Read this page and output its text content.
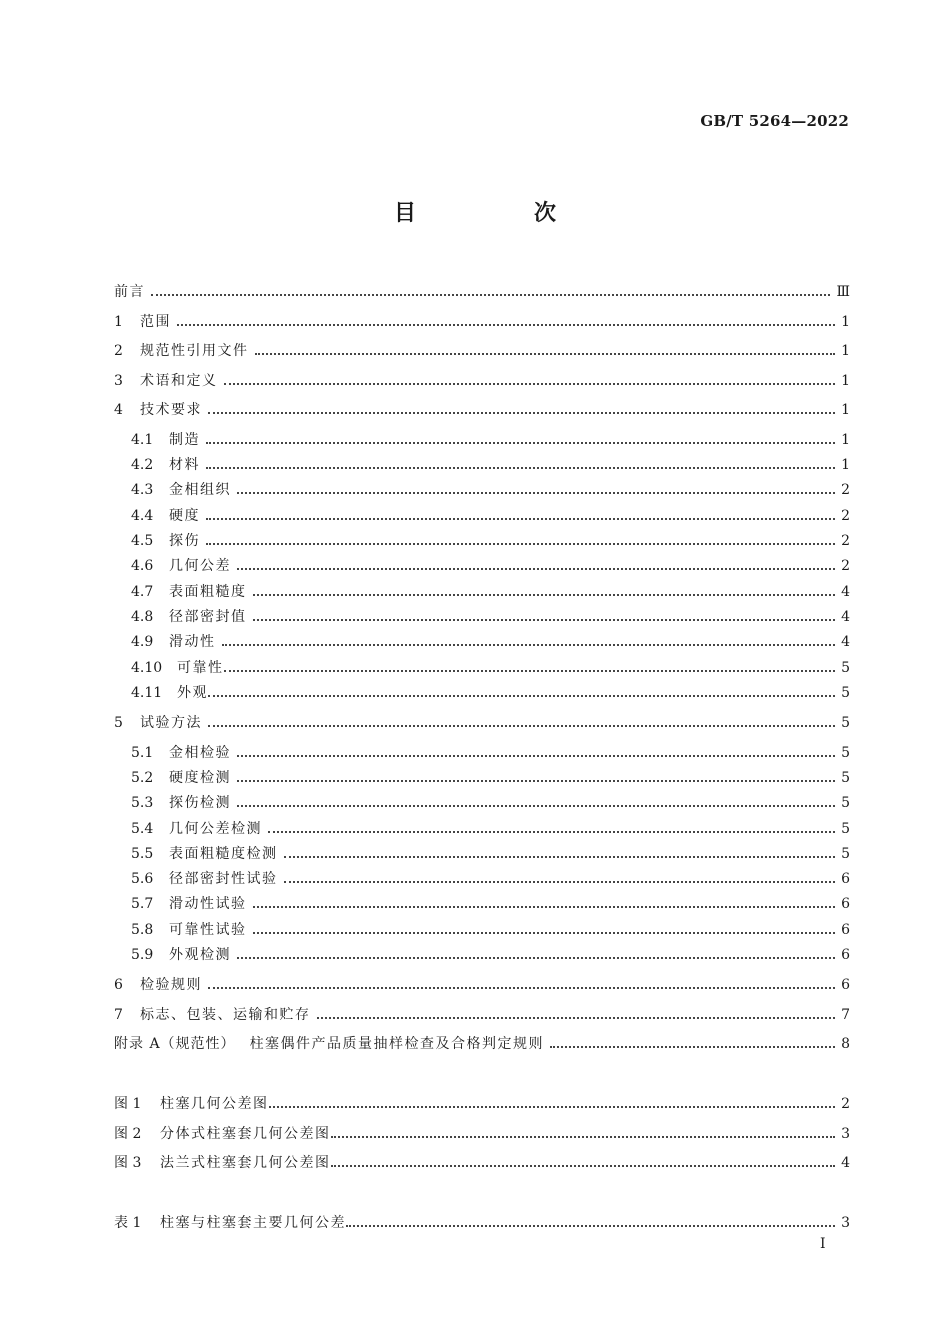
GB/T 5264—2022
目　次
前言	Ⅲ
1 范围	1
2 规范性引用文件	1
3 术语和定义	1
4 技术要求	1
4.1 制造	1
4.2 材料	1
4.3 金相组织	2
4.4 硬度	2
4.5 探伤	2
4.6 几何公差	2
4.7 表面粗糙度	4
4.8 径部密封值	4
4.9 滑动性	4
4.10 可靠性	5
4.11 外观	5
5 试验方法	5
5.1 金相检验	5
5.2 硬度检测	5
5.3 探伤检测	5
5.4 几何公差检测	5
5.5 表面粗糙度检测	5
5.6 径部密封性试验	6
5.7 滑动性试验	6
5.8 可靠性试验	6
5.9 外观检测	6
6 检验规则	6
7 标志、包装、运输和贮存	7
附录 A（规范性） 柱塞偶件产品质量抽样检查及合格判定规则	8
图 1 柱塞几何公差图	2
图 2 分体式柱塞套几何公差图	3
图 3 法兰式柱塞套几何公差图	4
表 1 柱塞与柱塞套主要几何公差	3
I
